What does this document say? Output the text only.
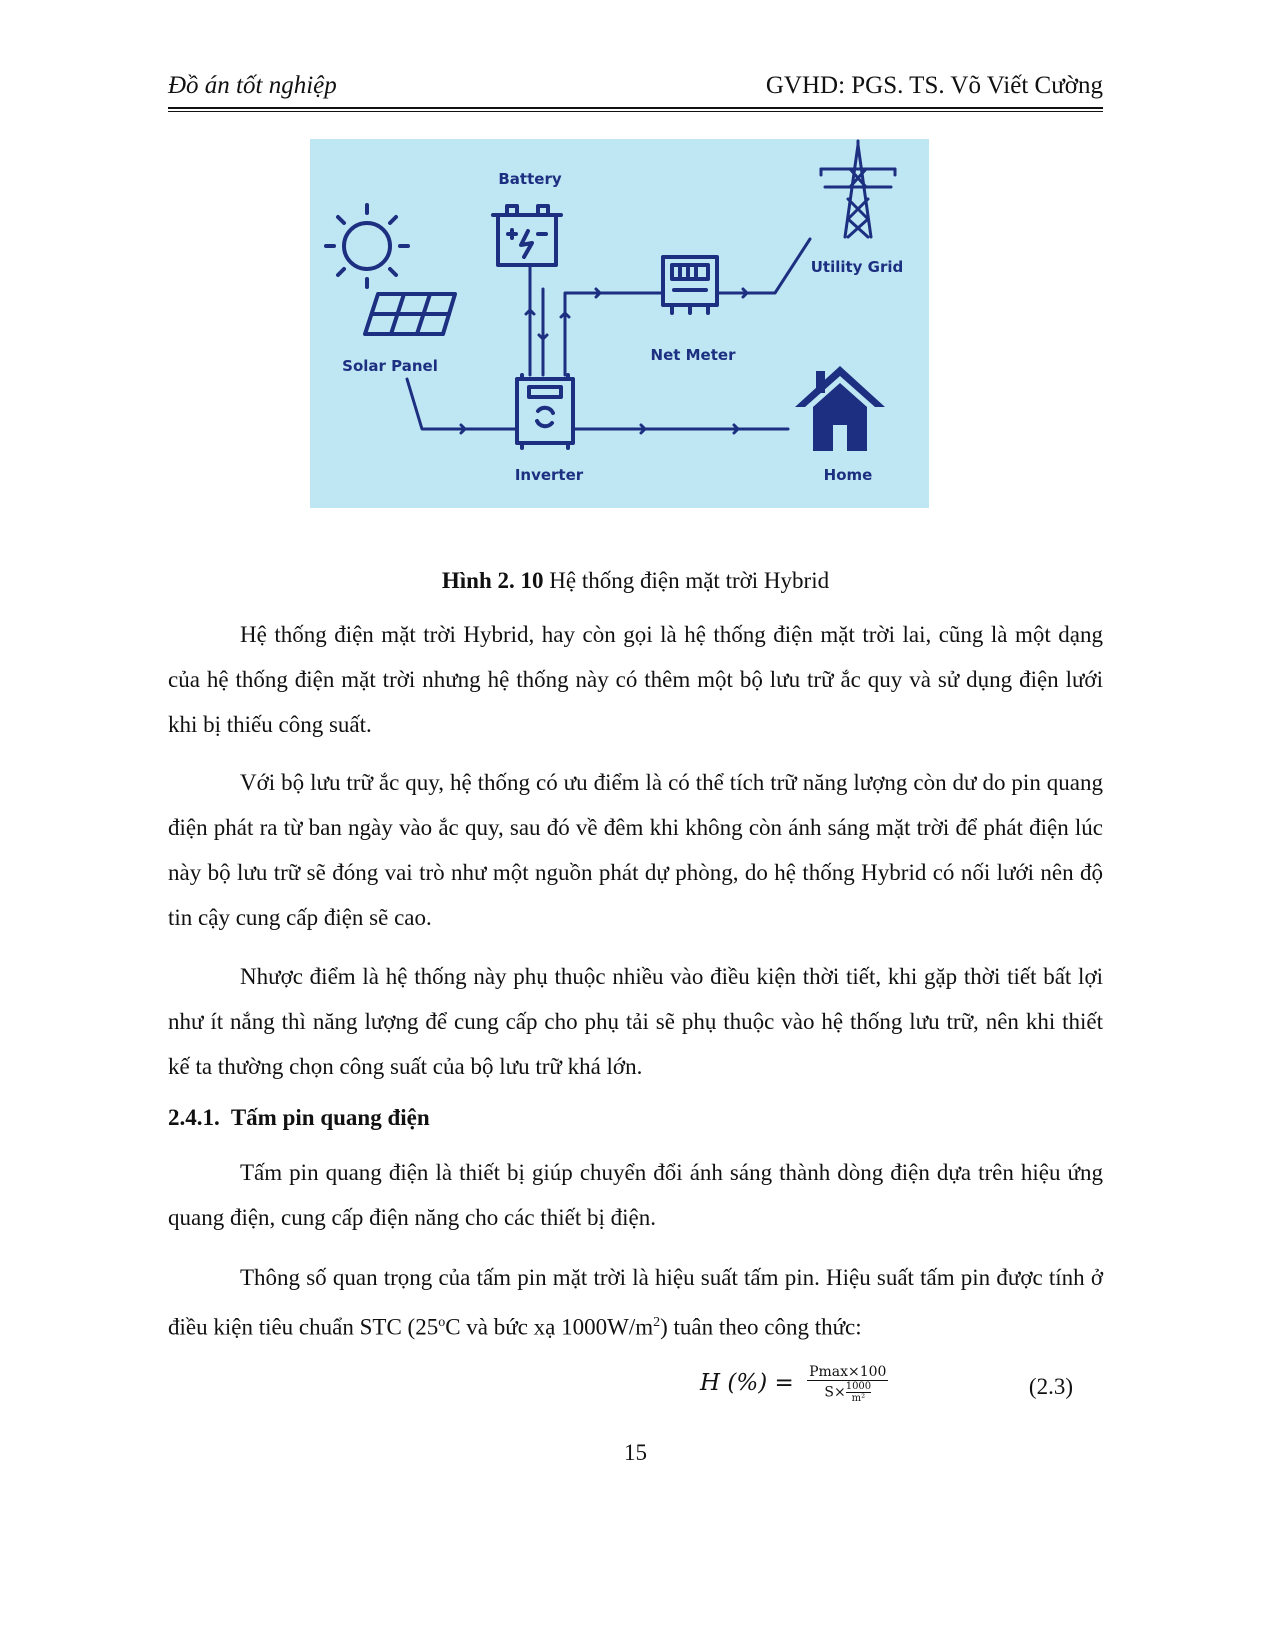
Đồ án tốt nghiệp	GVHD: PGS. TS. Võ Viết Cường
Battery
Utility Grid
Solar Panel
Net Meter
Inverter	Home
Hình 2. 10 Hệ thống điện mặt trời Hybrid

Hệ thống điện mặt trời Hybrid, hay còn gọi là hệ thống điện mặt trời lai, cũng là một dạng của hệ thống điện mặt trời nhưng hệ thống này có thêm một bộ lưu trữ ắc quy và sử dụng điện lưới khi bị thiếu công suất.

Với bộ lưu trữ ắc quy, hệ thống có ưu điểm là có thể tích trữ năng lượng còn dư do pin quang điện phát ra từ ban ngày vào ắc quy, sau đó về đêm khi không còn ánh sáng mặt trời để phát điện lúc này bộ lưu trữ sẽ đóng vai trò như một nguồn phát dự phòng, do hệ thống Hybrid có nối lưới nên độ tin cậy cung cấp điện sẽ cao.

Nhược điểm là hệ thống này phụ thuộc nhiều vào điều kiện thời tiết, khi gặp thời tiết bất lợi như ít nắng thì năng lượng để cung cấp cho phụ tải sẽ phụ thuộc vào hệ thống lưu trữ, nên khi thiết kế ta thường chọn công suất của bộ lưu trữ khá lớn.

2.4.1. Tấm pin quang điện

Tấm pin quang điện là thiết bị giúp chuyển đổi ánh sáng thành dòng điện dựa trên hiệu ứng quang điện, cung cấp điện năng cho các thiết bị điện.

Thông số quan trọng của tấm pin mặt trời là hiệu suất tấm pin. Hiệu suất tấm pin được tính ở điều kiện tiêu chuẩn STC (25$^o$C và bức xạ $1000W/m^2$) tuân theo công thức:

H (%) = $\frac{Pmax\times 100}{S\times \frac{1000}{\text{m²}}}$	(2.3)
15
